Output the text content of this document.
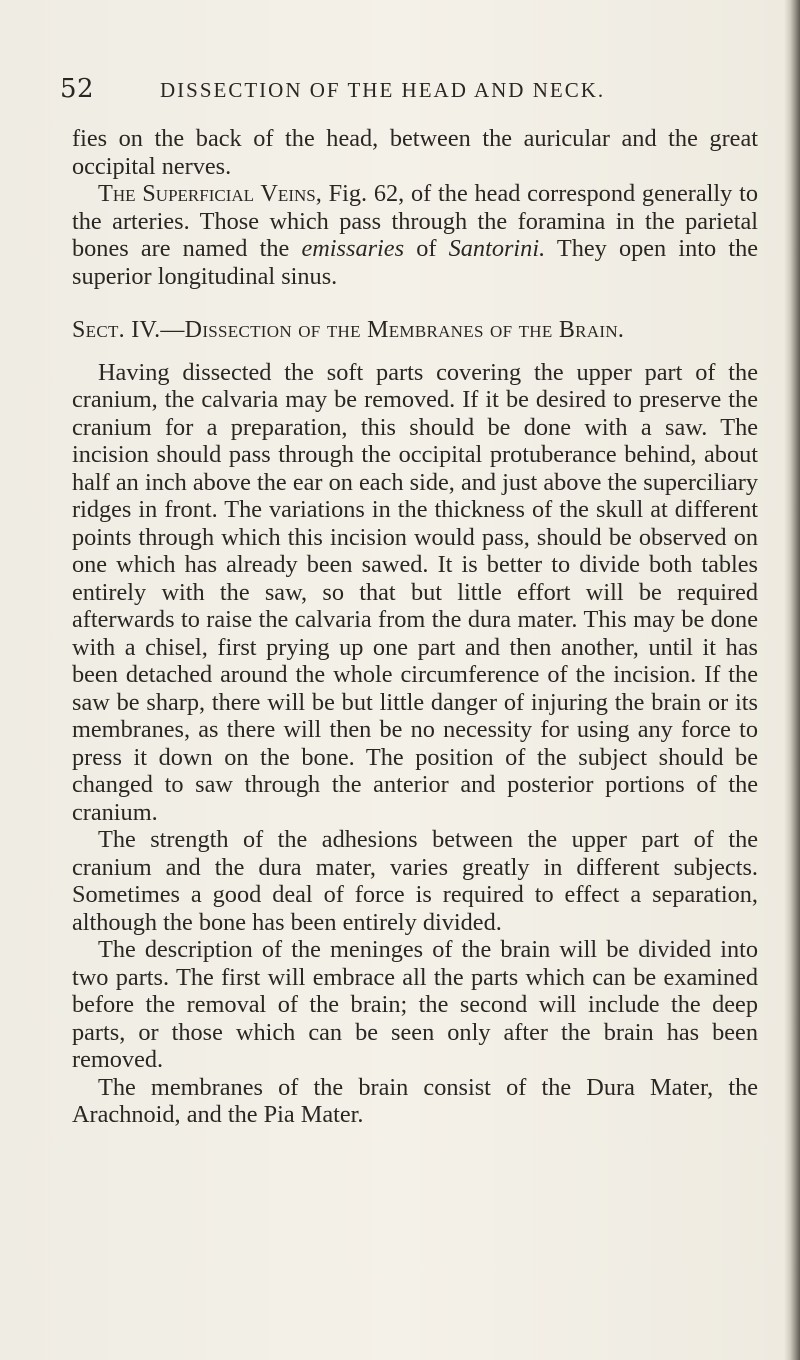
52	DISSECTION OF THE HEAD AND NECK.

fies on the back of the head, between the auricular and the great occipital nerves.

The Superficial Veins, Fig. 62, of the head correspond generally to the arteries. Those which pass through the foramina in the parietal bones are named the emissaries of Santorini. They open into the superior longitudinal sinus.

Sect. IV.—Dissection of the Membranes of the Brain.

Having dissected the soft parts covering the upper part of the cranium, the calvaria may be removed. If it be desired to preserve the cranium for a preparation, this should be done with a saw. The incision should pass through the occipital protuberance behind, about half an inch above the ear on each side, and just above the superciliary ridges in front. The variations in the thickness of the skull at different points through which this incision would pass, should be observed on one which has already been sawed. It is better to divide both tables entirely with the saw, so that but little effort will be required afterwards to raise the calvaria from the dura mater. This may be done with a chisel, first prying up one part and then another, until it has been detached around the whole circumference of the incision. If the saw be sharp, there will be but little danger of injuring the brain or its membranes, as there will then be no necessity for using any force to press it down on the bone. The position of the subject should be changed to saw through the anterior and posterior portions of the cranium.

The strength of the adhesions between the upper part of the cranium and the dura mater, varies greatly in different subjects. Sometimes a good deal of force is required to effect a separation, although the bone has been entirely divided.

The description of the meninges of the brain will be divided into two parts. The first will embrace all the parts which can be examined before the removal of the brain; the second will include the deep parts, or those which can be seen only after the brain has been removed.

The membranes of the brain consist of the Dura Mater, the Arachnoid, and the Pia Mater.
